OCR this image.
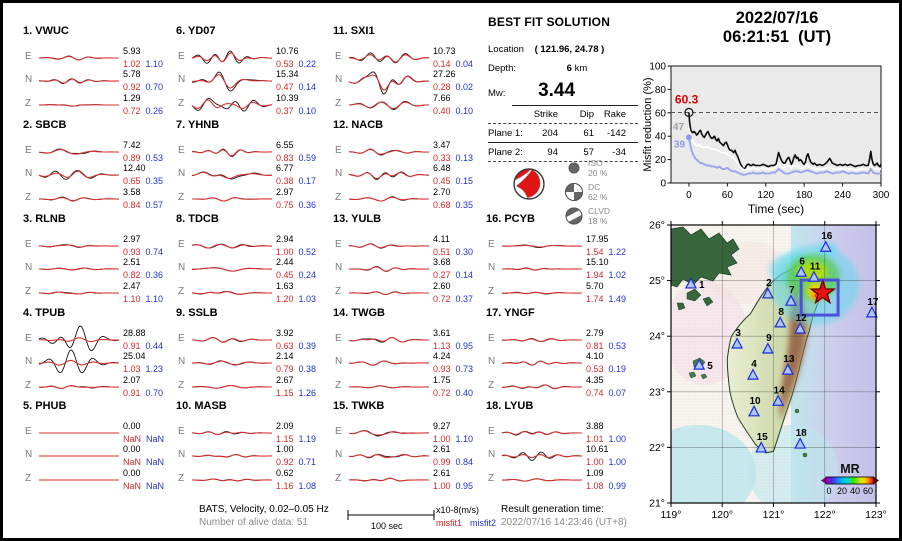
1. VWUC
E	5.93
1.02 1.10
N	5.78
0.92 0.70
Z	1.29
0.72 0.26
2. SBCB
E	7.42
0.89 0.53
N	12.40
0.65 0.35
Z	3.58
0.84 0.57
3. RLNB
E	2.97
0.93 0.74
N	2.51
0.82 0.36
Z	2.47
1.10 1.10
4. TPUB
E	28.88
0.91 0.44
N	25.04
1.03 1.23
Z	2.07
0.91 0.70
5. PHUB
E	0.00
NaN NaN
N	0.00
NaN NaN
Z	0.00
NaN NaN
6. YD07
E	10.76
0.53 0.22
N	15.34
0.47 0.14
Z	10.39
0.37 0.10
7. YHNB
E	6.55
0.83 0.59
N	6.77
0.38 0.17
Z	2.97
0.75 0.36
8. TDCB
E	2.94
1.00 0.52
N	2.44
0.45 0.24
Z	1.63
1.20 1.03
9. SSLB
E	3.92
0.63 0.39
N	2.14
0.79 0.38
Z	2.67
1.15 1.26
10. MASB
E	2.09
1.15 1.19
N	1.00
0.92 0.71
Z	0.62
1.16 1.08
11. SXI1
E	10.73
0.14 0.04
N	27.26
0.28 0.02
Z	7.66
0.40 0.10
12. NACB
E	3.47
0.33 0.13
N	6.48
0.45 0.15
Z	2.70
0.68 0.35
13. YULB
E	4.11
0.51 0.30
N	3.68
0.27 0.14
Z	2.60
0.72 0.37
14. TWGB
E	3.61
1.13 0.95
N	4.24
0.93 0.73
Z	1.75
0.72 0.40
15. TWKB
E	9.27
1.00 1.10
N	2.61
0.99 0.84
Z	2.61
1.00 0.95
16. PCYB
E	17.95
1.54 1.22
N	15.10
1.94 1.02
Z	5.70
1.74 1.49
17. YNGF
E	2.79
0.81 0.53
N	4.10
0.53 0.19
Z	4.35
0.74 0.07
18. LYUB
E	3.88
1.01 1.00
N	10.61
1.00 1.00
Z	1.09
1.08 0.99
BEST FIT SOLUTION
Location ( 121.96, 24.78 )
Depth:	6 km
Mw: 3.44
Strike	Dip	Rake
Plane 1:	204	61	-142
Plane 2:	94	57	-34
ISO
20 %
DC
62 %
CLVD
18 %
2022/07/16
06:21:51  (UT)
0
20
40
60
80
100
0	60 120 180 240 300
Time (sec)
Misfit reduction (%) 60.3
47
39
119°	120°	121°	122°	123°
26°
25°
24°
23°
22°
21°
1	2
3
4
5
6
7
8
9
10
11
12
13
14
15
16
17
18
MR
0 20 40 60
BATS, Velocity, 0.02–0.05 Hz
Number of alive data: 51	100 sec
x10-8(m/s)
misfit1 misfit2
Result generation time:
2022/07/16 14:23:46 (UT+8)
